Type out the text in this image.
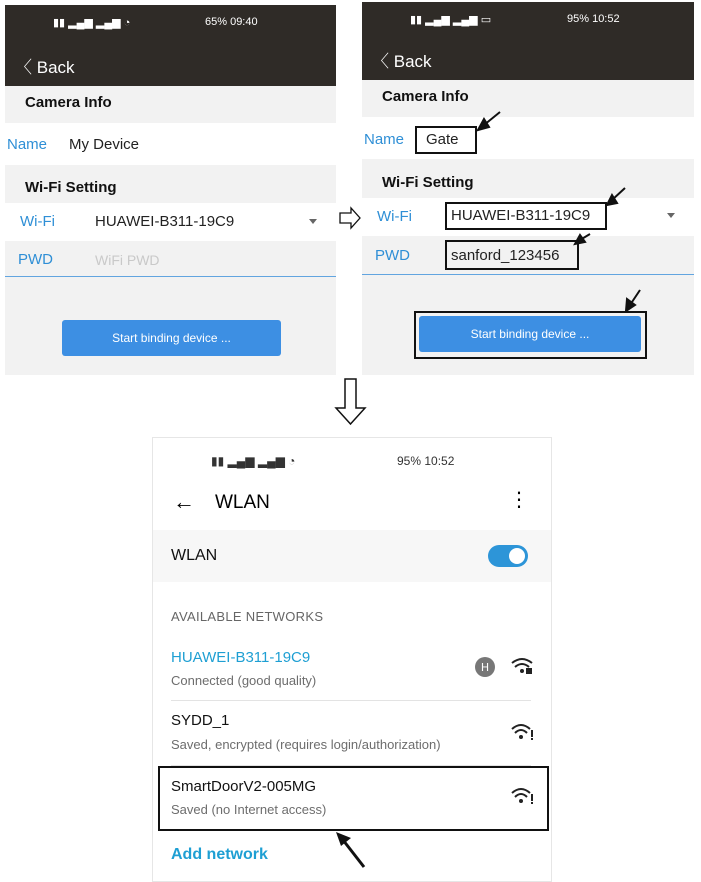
▮▮ ▂▄▆ ▂▄▆ ◔	65% 09:40
〈 Back
Camera Info
Name My Device
Wi-Fi Setting
Wi-Fi	HUAWEI-B311-19C9
PWD	WiFi PWD
Start binding device ...
▮▮ ▂▄▆ ▂▄▆ ▭	95% 10:52
〈 Back
Camera Info
Name Gate
Wi-Fi Setting
Wi-Fi	HUAWEI-B311-19C9
PWD	sanford_123456
Start binding device ...
▮▮ ▂▄▆ ▂▄▆ ◔	95% 10:52
← WLAN	⋮
WLAN
AVAILABLE NETWORKS
HUAWEI-B311-19C9
Connected (good quality)
H
SYDD_1
Saved, encrypted (requires login/authorization)
SmartDoorV2-005MG
Saved (no Internet access)
Add network
